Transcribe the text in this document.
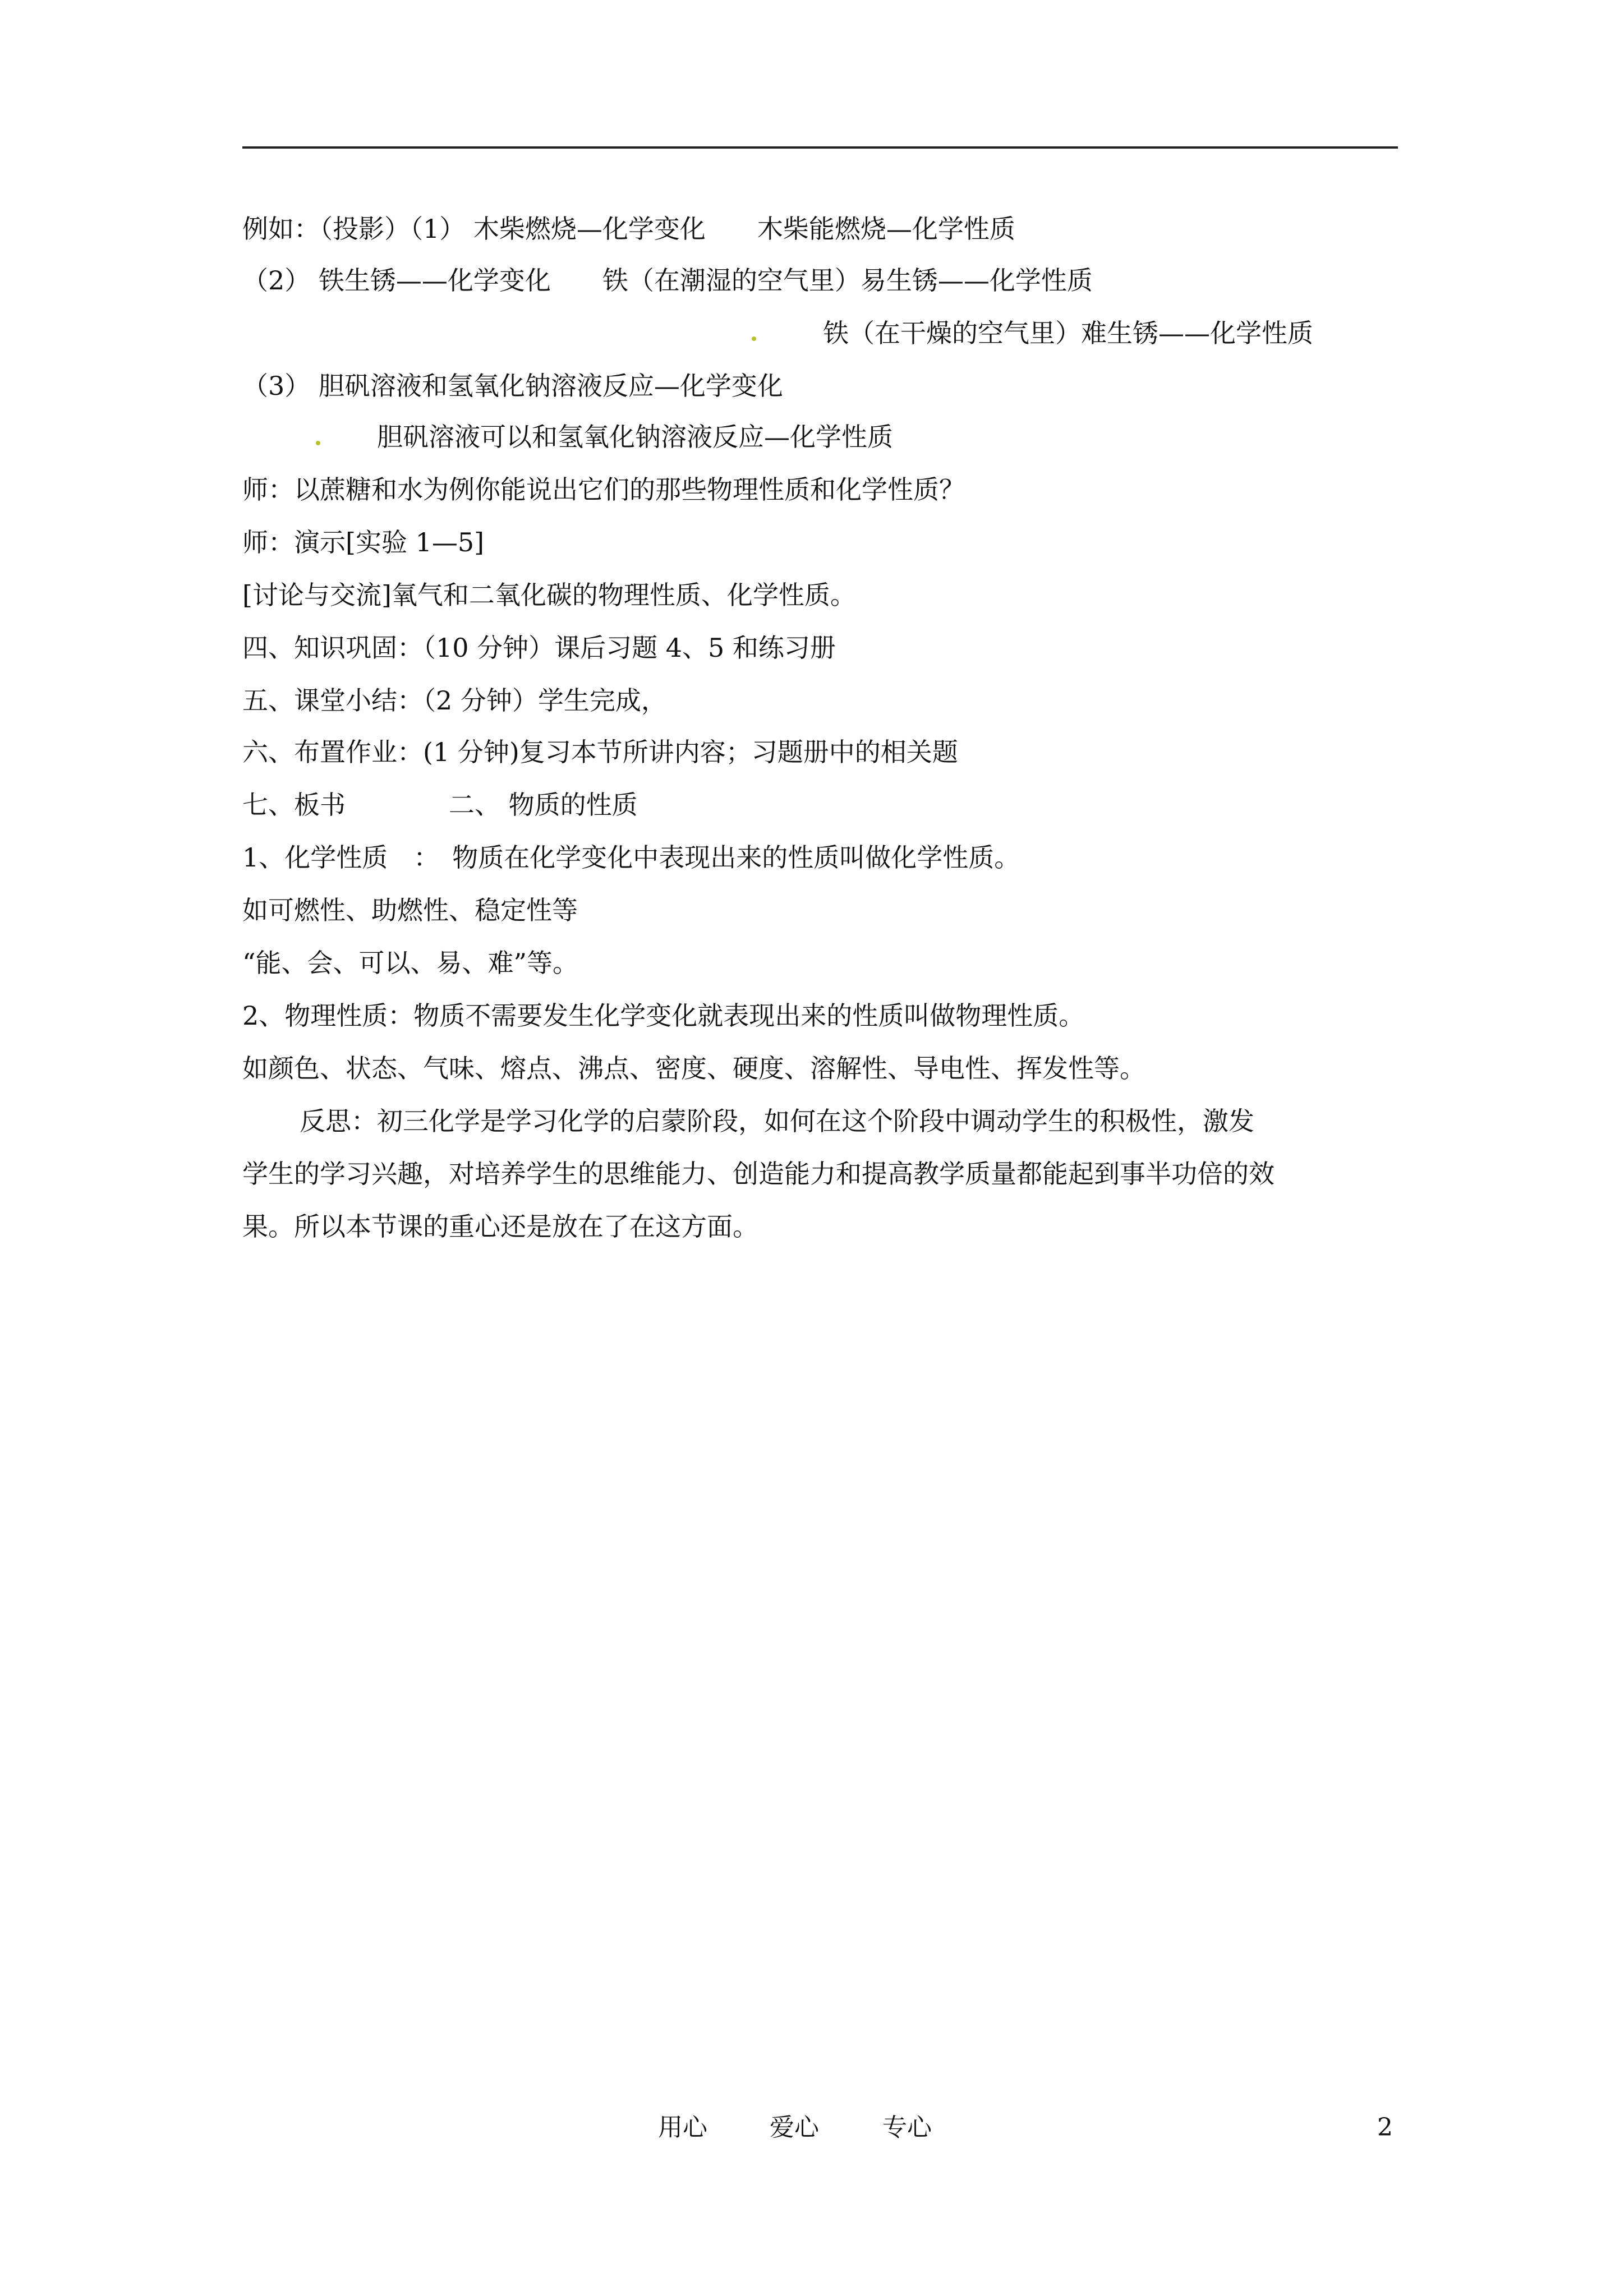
例如：（投影）（1） 木柴燃烧—化学变化　　木柴能燃烧—化学性质
（2） 铁生锈——化学变化　　铁（在潮湿的空气里）易生锈——化学性质
铁（在干燥的空气里）难生锈——化学性质
（3） 胆矾溶液和氢氧化钠溶液反应—化学变化
胆矾溶液可以和氢氧化钠溶液反应—化学性质
师：以蔗糖和水为例你能说出它们的那些物理性质和化学性质？
师：演示[实验 1—5]
[讨论与交流]氧气和二氧化碳的物理性质、化学性质。
四、知识巩固：（10 分钟）课后习题 4、5 和练习册
五、课堂小结：（2 分钟）学生完成，
六、布置作业：(1 分钟)复习本节所讲内容；习题册中的相关题
七、板书　　　　二、 物质的性质
1、化学性质　：　物质在化学变化中表现出来的性质叫做化学性质。
如可燃性、助燃性、稳定性等
“能、会、可以、易、难”等。
2、物理性质：物质不需要发生化学变化就表现出来的性质叫做物理性质。
如颜色、状态、气味、熔点、沸点、密度、硬度、溶解性、导电性、挥发性等。
反思：初三化学是学习化学的启蒙阶段，如何在这个阶段中调动学生的积极性，激发
学生的学习兴趣，对培养学生的思维能力、创造能力和提高教学质量都能起到事半功倍的效
果。所以本节课的重心还是放在了在这方面。
用心	爱心	专心	2
